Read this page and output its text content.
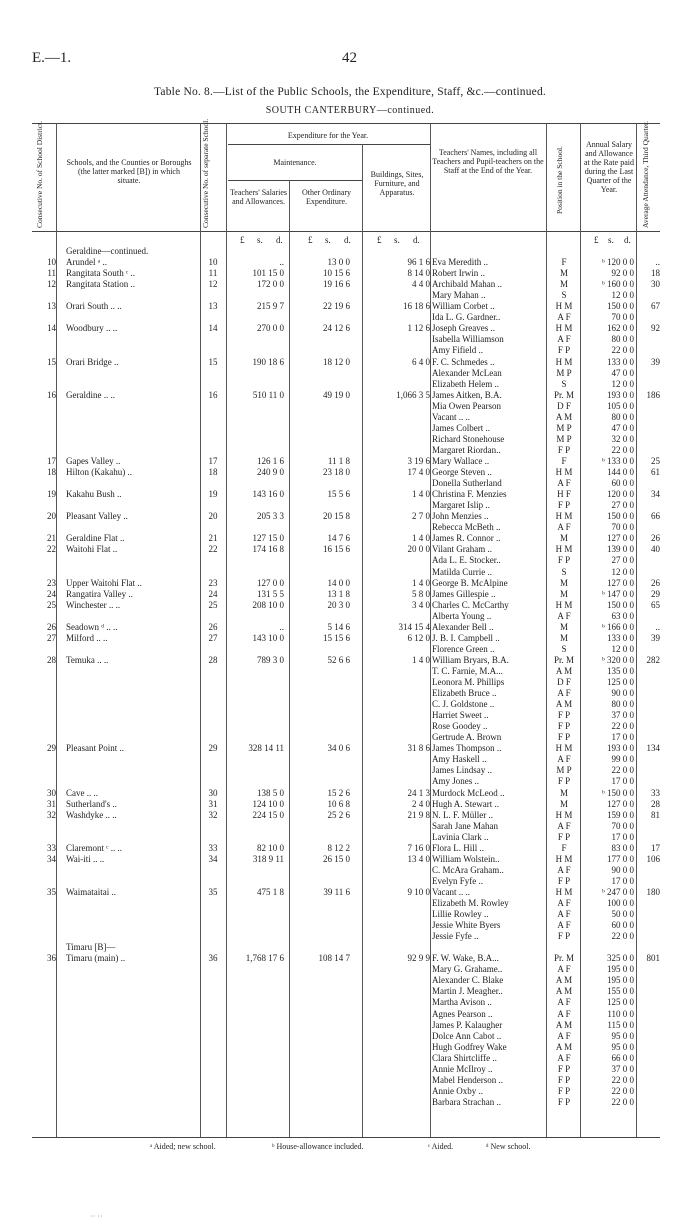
E.—1.	42
Table No. 8.—List of the Public Schools, the Expenditure, Staff, &c.—continued.
SOUTH CANTERBURY—continued.
Consecutive No. of School District.	Schools, and the Counties or Boroughs (the latter marked [B]) in which situate.	Consecutive No. of separate School.	Expenditure for the Year.
Maintenance.
Teachers' Salaries and Allowances.
Other Ordinary Expenditure.
Buildings, Sites, Furniture, and Apparatus.
Teachers' Names, including all Teachers and Pupil-teachers on the Staff at the End of the Year.	Position in the School.
Annual Salary and Allowance at the Rate paid during the Last Quarter of the Year.	Average Attendance, Third Quarter.
£ s. d.	£ s. d.	£ s. d.	£ s. d.
Geraldine—continued.
10 Arundel ᵃ ..	10	..	13 0 0	96 1 6 Eva Meredith ..	F	ᵇ 120 0 0	..
11 Rangitata South ᶜ ..	11	101 15 0	10 15 6	8 14 0 Robert Irwin ..	M	92 0 0	18
12 Rangitata Station ..	12	172 0 0	19 16 6	4 4 0 Archibald Mahan ..	M	ᵇ 160 0 0	30
Mary Mahan ..	S	12 0 0
13 Orari South .. ..	13	215 9 7	22 19 6	16 18 6 William Corbet ..	H M	150 0 0	67
Ida L. G. Gardner..	A F	70 0 0
14 Woodbury .. ..	14	270 0 0	24 12 6	1 12 6 Joseph Greaves ..	H M	162 0 0	92
Isabella Williamson	A F	80 0 0
Amy Fifield ..	F P	22 0 0
15 Orari Bridge ..	15	190 18 6	18 12 0	6 4 0 F. C. Schmedes ..	H M	133 0 0	39
Alexander McLean	M P	47 0 0
Elizabeth Helem ..	S	12 0 0
16 Geraldine .. ..	16	510 11 0	49 19 0	1,066 3 5 James Aitken, B.A.	Pr. M	193 0 0	186
Mia Owen Pearson	D F	105 0 0
Vacant .. ..	A M	80 0 0
James Colbert ..	M P	47 0 0
Richard Stonehouse	M P	32 0 0
Margaret Riordan..	F P	22 0 0
17 Gapes Valley ..	17	126 1 6	11 1 8	3 19 6 Mary Wallace ..	F	ᵇ 133 0 0	25
18 Hilton (Kakahu) ..	18	240 9 0	23 18 0	17 4 0 George Steven ..	H M	144 0 0	61
Donella Sutherland	A F	60 0 0
19 Kakahu Bush ..	19	143 16 0	15 5 6	1 4 0 Christina F. Menzies	H F	120 0 0	34
Margaret Islip ..	F P	27 0 0
20 Pleasant Valley ..	20	205 3 3	20 15 8	2 7 0 John Menzies ..	H M	150 0 0	66
Rebecca McBeth ..	A F	70 0 0
21 Geraldine Flat ..	21	127 15 0	14 7 6	1 4 0 James R. Connor ..	M	127 0 0	26
22 Waitohi Flat ..	22	174 16 8	16 15 6	20 0 0 Vilant Graham ..	H M	139 0 0	40
Ada L. E. Stocker..	F P	27 0 0
Matilda Currie ..	S	12 0 0
23 Upper Waitohi Flat ..	23	127 0 0	14 0 0	1 4 0 George B. McAlpine	M	127 0 0	26
24 Rangatira Valley ..	24	131 5 5	13 1 8	5 8 0 James Gillespie ..	M	ᵇ 147 0 0	29
25 Winchester .. ..	25	208 10 0	20 3 0	3 4 0 Charles C. McCarthy	H M	150 0 0	65
Alberta Young ..	A F	63 0 0
26 Seadown ᵈ .. ..	26	..	5 14 6	314 15 4 Alexander Bell ..	M	ᵇ 166 0 0	..
27 Milford .. ..	27	143 10 0	15 15 6	6 12 0 J. B. I. Campbell ..	M	133 0 0	39
Florence Green ..	S	12 0 0
28 Temuka .. ..	28	789 3 0	52 6 6	1 4 0 William Bryars, B.A.	Pr. M	ᵇ 320 0 0	282
T. C. Farnie, M.A...	A M	135 0 0
Leonora M. Phillips	D F	125 0 0
Elizabeth Bruce ..	A F	90 0 0
C. J. Goldstone ..	A M	80 0 0
Harriet Sweet ..	F P	37 0 0
Rose Goodey ..	F P	22 0 0
Gertrude A. Brown	F P	17 0 0
29 Pleasant Point ..	29	328 14 11	34 0 6	31 8 6 James Thompson ..	H M	193 0 0	134
Amy Haskell ..	A F	99 0 0
James Lindsay ..	M P	22 0 0
Amy Jones ..	F P	17 0 0
30 Cave .. ..	30	138 5 0	15 2 6	24 1 3 Murdock McLeod ..	M	ᵇ 150 0 0	33
31 Sutherland's ..	31	124 10 0	10 6 8	2 4 0 Hugh A. Stewart ..	M	127 0 0	28
32 Washdyke .. ..	32	224 15 0	25 2 6	21 9 8 N. L. F. Müller ..	H M	159 0 0	81
Sarah Jane Mahan	A F	70 0 0
Lavinia Clark ..	F P	17 0 0
33 Claremont ᶜ .. ..	33	82 10 0	8 12 2	7 16 0 Flora L. Hill ..	F	83 0 0	17
34 Wai-iti .. ..	34	318 9 11	26 15 0	13 4 0 William Wolstein..	H M	177 0 0	106
C. McAra Graham..	A F	90 0 0
Evelyn Fyfe ..	F P	17 0 0
35 Waimataitai ..	35	475 1 8	39 11 6	9 10 0 Vacant .. ..	H M	ᵇ 247 0 0	180
Elizabeth M. Rowley	A F	100 0 0
Lillie Rowley ..	A F	50 0 0
Jessie White Byers	A F	60 0 0
Jessie Fyfe ..	F P	22 0 0
Timaru [B]—
36 Timaru (main) ..	36	1,768 17 6	108 14 7	92 9 9 F. W. Wake, B.A...	Pr. M	325 0 0	801
Mary G. Grahame..	A F	195 0 0
Alexander C. Blake	A M	195 0 0
Martin J. Meagher..	A M	155 0 0
Martha Avison ..	A F	125 0 0
Agnes Pearson ..	A F	110 0 0
James P. Kalaugher	A M	115 0 0
Dolce Ann Cabot ..	A F	95 0 0
Hugh Godfrey Wake	A M	95 0 0
Clara Shirtcliffe ..	A F	66 0 0
Annie McIlroy ..	F P	37 0 0
Mabel Henderson ..	F P	22 0 0
Annie Oxby ..	F P	22 0 0
Barbara Strachan ..	F P	22 0 0
ᵃ Aided; new school.	ᵇ House-allowance included.	ᶜ Aided.	ᵈ New school.
·· ··
